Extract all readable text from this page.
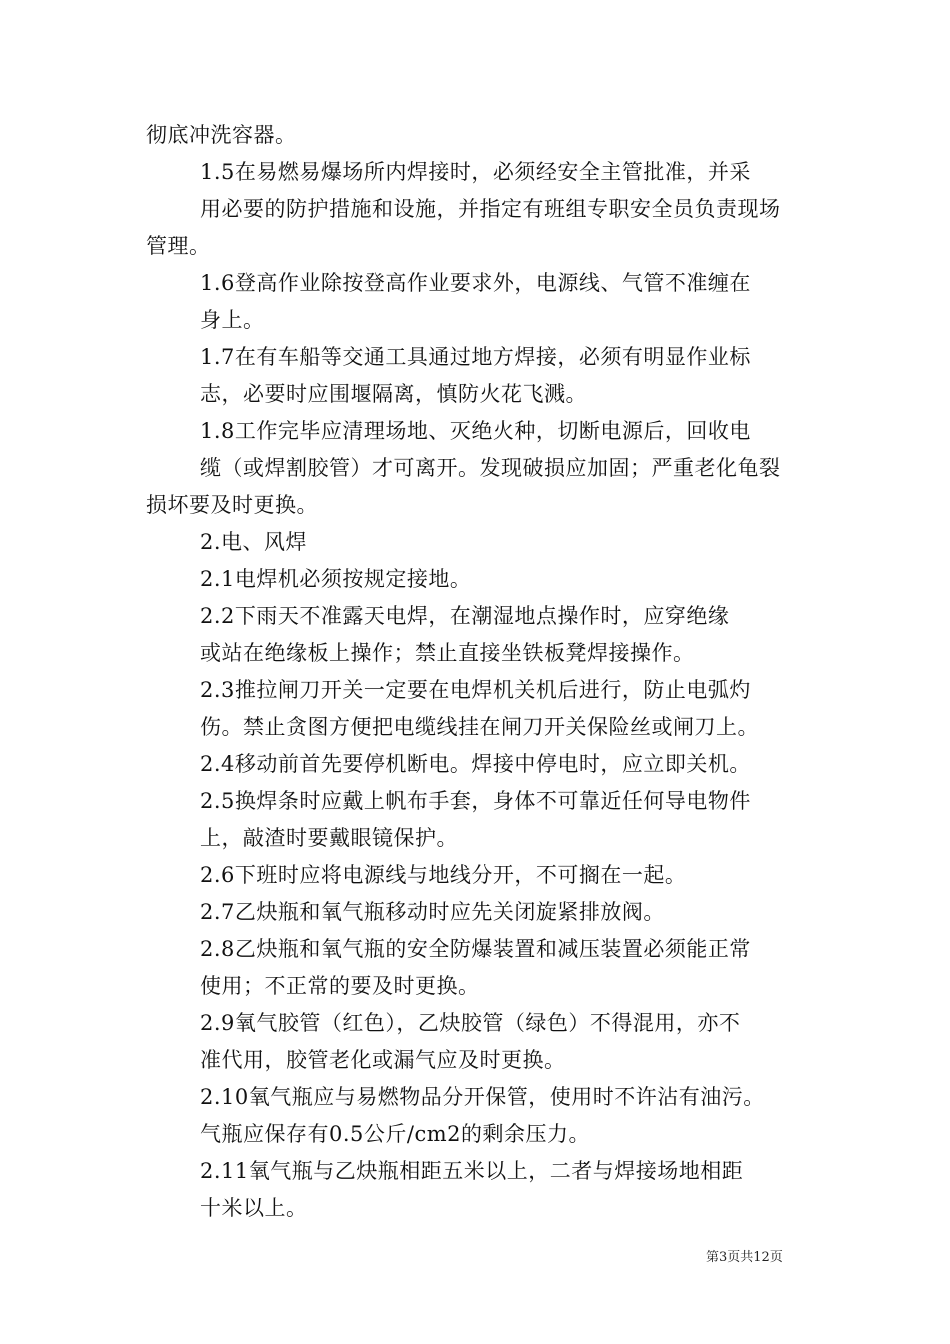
彻底冲洗容器。
1.5在易燃易爆场所内焊接时，必须经安全主管批准，并采
用必要的防护措施和设施，并指定有班组专职安全员负责现场
管理。
1.6登高作业除按登高作业要求外，电源线、气管不准缠在
身上。
1.7在有车船等交通工具通过地方焊接，必须有明显作业标
志，必要时应围堰隔离，慎防火花飞溅。
1.8工作完毕应清理场地、灭绝火种，切断电源后，回收电
缆（或焊割胶管）才可离开。发现破损应加固；严重老化龟裂
损坏要及时更换。
2.电、风焊
2.1电焊机必须按规定接地。
2.2下雨天不准露天电焊，在潮湿地点操作时，应穿绝缘
或站在绝缘板上操作；禁止直接坐铁板凳焊接操作。
2.3推拉闸刀开关一定要在电焊机关机后进行，防止电弧灼
伤。禁止贪图方便把电缆线挂在闸刀开关保险丝或闸刀上。
2.4移动前首先要停机断电。焊接中停电时，应立即关机。
2.5换焊条时应戴上帆布手套，身体不可靠近任何导电物件
上，敲渣时要戴眼镜保护。
2.6下班时应将电源线与地线分开，不可搁在一起。
2.7乙炔瓶和氧气瓶移动时应先关闭旋紧排放阀。
2.8乙炔瓶和氧气瓶的安全防爆装置和减压装置必须能正常
使用；不正常的要及时更换。
2.9氧气胶管（红色），乙炔胶管（绿色）不得混用，亦不
准代用，胶管老化或漏气应及时更换。
2.10氧气瓶应与易燃物品分开保管，使用时不许沾有油污。
气瓶应保存有0.5公斤/cm2的剩余压力。
2.11氧气瓶与乙炔瓶相距五米以上，二者与焊接场地相距
十米以上。
第3页共12页
